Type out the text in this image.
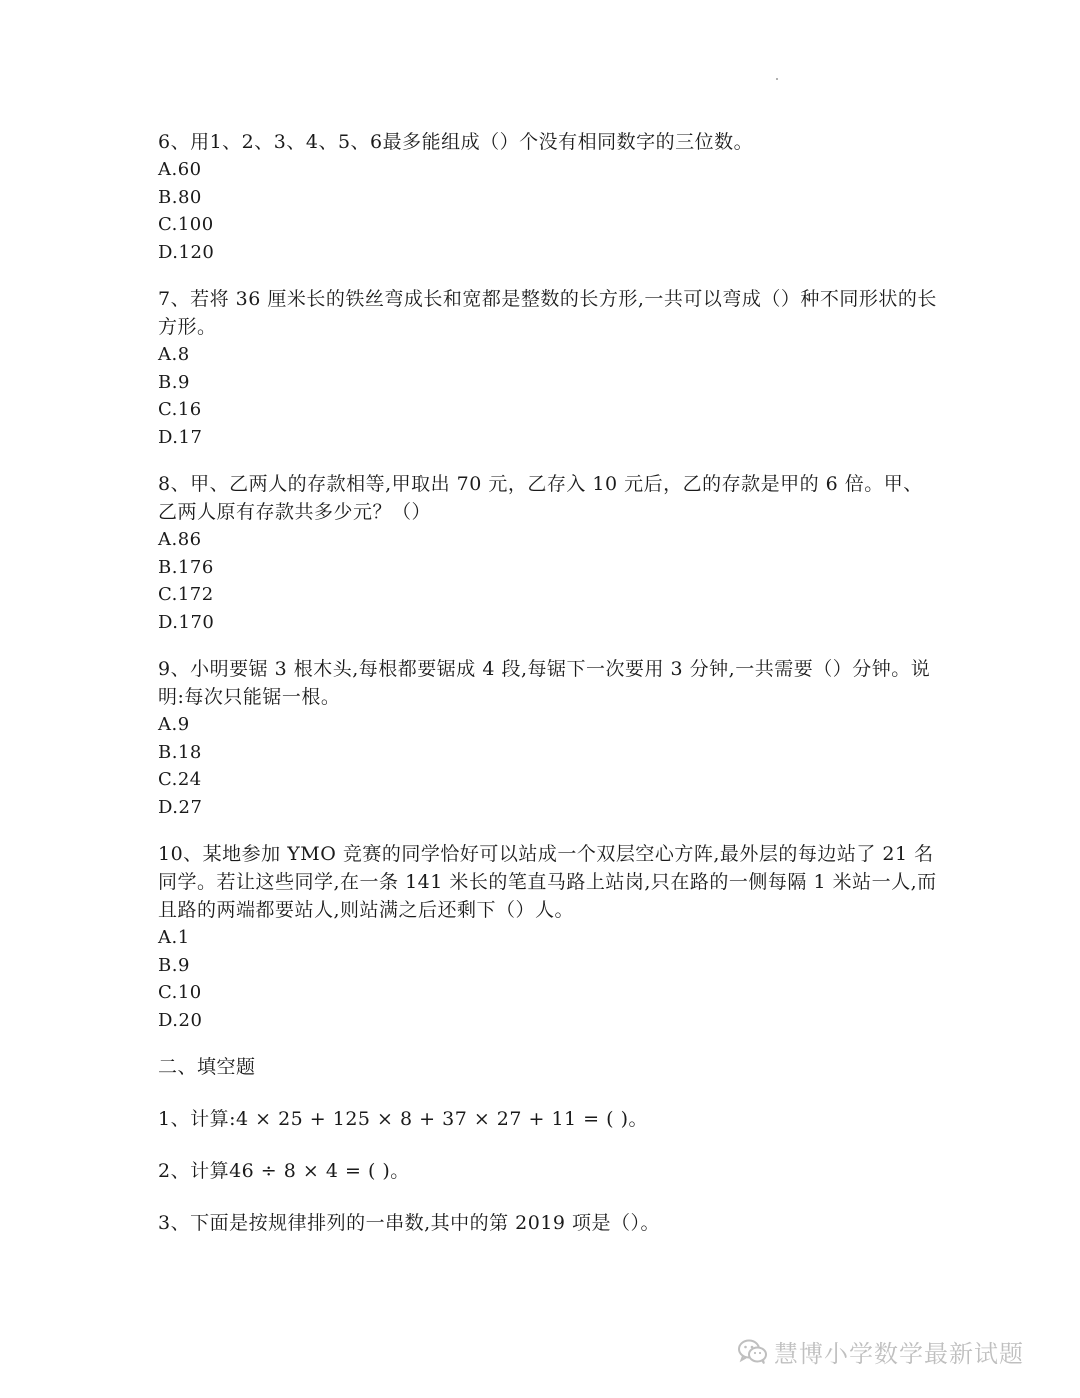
6、用1、2、3、4、5、6最多能组成（）个没有相同数字的三位数。

A.60
B.80
C.100
D.120

7、若将 36 厘米长的铁丝弯成长和宽都是整数的长方形,一共可以弯成（）种不同形状的长方形。

A.8
B.9
C.16
D.17

8、甲、乙两人的存款相等,甲取出 70 元，乙存入 10 元后，乙的存款是甲的 6 倍。甲、乙两人原有存款共多少元？（）

A.86
B.176
C.172
D.170

9、小明要锯 3 根木头,每根都要锯成 4 段,每锯下一次要用 3 分钟,一共需要（）分钟。说明:每次只能锯一根。

A.9
B.18
C.24
D.27

10、某地参加 YMO 竞赛的同学恰好可以站成一个双层空心方阵,最外层的每边站了 21 名同学。若让这些同学,在一条 141 米长的笔直马路上站岗,只在路的一侧每隔 1 米站一人,而且路的两端都要站人,则站满之后还剩下（）人。

A.1
B.9
C.10
D.20

二、填空题

1、计算:4 × 25 + 125 × 8 + 37 × 27 + 11 = ( )。

2、计算46 ÷ 8 × 4 = ( )。

3、下面是按规律排列的一串数,其中的第 2019 项是（）。

慧博小学数学最新试题
